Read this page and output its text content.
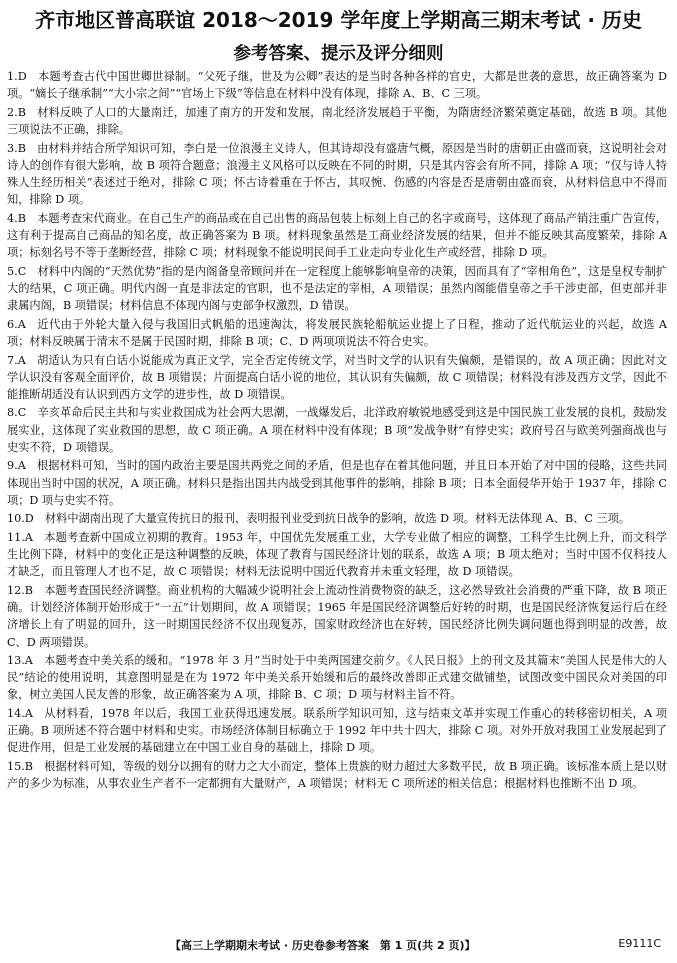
齐市地区普高联谊 2018～2019 学年度上学期高三期末考试 · 历史
参考答案、提示及评分细则
1.D  本题考查古代中国世卿世禄制。“父死子继，世及为公卿”表达的是当时各种各样的官史，大都是世袭的意思，故正确答案为 D 项。“嫡长子继承制”“大小宗之间”“官场上下级”等信息在材料中没有体现，排除 A、B、C 三项。
2.B  材料反映了人口的大量南迁，加速了南方的开发和发展，南北经济发展趋于平衡，为隋唐经济繁荣奠定基础，故选 B 项。其他三项说法不正确，排除。
3.B  由材料并结合所学知识可知，李白是一位浪漫主义诗人，但其诗却没有盛唐气概，原因是当时的唐朝正由盛而衰，这说明社会对诗人的创作有很大影响，故 B 项符合题意；浪漫主义风格可以反映在不同的时期，只是其内容会有所不同，排除 A 项；“仅与诗人特殊人生经历相关”表述过于绝对，排除 C 项；怀古诗着重在于怀古，其叹惋、伤感的内容是否是唐朝由盛而衰，从材料信息中不得而知，排除 D 项。
4.B  本题考查宋代商业。在自己生产的商品或在自己出售的商品包装上标刻上自己的名字或商号，这体现了商品产销注重广告宣传，这有利于提高自己商品的知名度，故正确答案为 B 项。材料现象虽然是工商业经济发展的结果，但并不能反映其高度繁荣，排除 A 项；标刻名号不等于垄断经营，排除 C 项；材料现象不能说明民间手工业走向专业化生产或经营，排除 D 项。
5.C  材料中内阁的“天然优势”指的是内阁备皇帝顾问并在一定程度上能够影响皇帝的决策，因而具有了“宰相角色”，这是皇权专制扩大的结果，C 项正确。明代内阁一直是非法定的官职，也不是法定的宰相，A 项错误；虽然内阁能借皇帝之手干涉吏部，但吏部并非隶属内阁，B 项错误；材料信息不体现内阁与吏部争权激烈，D 错误。
6.A  近代由于外轮大量入侵与我国旧式帆船的迅速淘汰，将发展民族轮船航运业提上了日程，推动了近代航运业的兴起，故选 A 项；材料反映属于清末不是属于民国时期，排除 B 项；C、D 两项项说法不符合史实。
7.A  胡适认为只有白话小说能成为真正文学，完全否定传统文学，对当时文学的认识有失偏颇，是错误的，故 A 项正确；因此对文学认识没有客观全面评价，故 B 项错误；片面提高白话小说的地位，其认识有失偏颇，故 C 项错误；材料没有涉及西方文学，因此不能推断胡适没有认识到西方文学的进步性，故 D 项错误。
8.C  辛亥革命后民主共和与实业救国成为社会两大思潮，一战爆发后，北洋政府敏锐地感受到这是中国民族工业发展的良机，鼓励发展实业，这体现了实业救国的思想，故 C 项正确。A 项在材料中没有体现；B 项“发战争财”有悖史实；政府号召与欧美列强商战也与史实不符，D 项错误。
9.A  根据材料可知，当时的国内政治主要是国共两党之间的矛盾，但是也存在着其他问题，并且日本开始了对中国的侵略，这些共同体现出当时中国的状况，A 项正确。材料只是指出国共内战受到其他事件的影响，排除 B 项；日本全面侵华开始于 1937 年，排除 C 项；D 项与史实不符。
10.D  材料中湖南出现了大量宣传抗日的报刊，表明报刊业受到抗日战争的影响，故选 D 项。材料无法体现 A、B、C 三项。
11.A  本题考查新中国成立初期的教育。1953 年，中国优先发展重工业，大学专业做了相应的调整，工科学生比例上升，而文科学生比例下降，材料中的变化正是这种调整的反映，体现了教育与国民经济计划的联系，故选 A 项；B 项太绝对；当时中国不仅科技人才缺乏，而且管理人才也不足，故 C 项错误；材料无法说明中国近代教育并未重文轻理，故 D 项错误。
12.B  本题考查国民经济调整。商业机构的大幅减少说明社会上流动性消费物资的缺乏，这必然导致社会消费的严重下降，故 B 项正确。计划经济体制开始形成于“一五”计划期间，故 A 项错误；1965 年是国民经济调整后好转的时期，也是国民经济恢复运行后在经济增长上有了明显的回升，这一时期国民经济不仅出现复苏，国家财政经济也在好转，国民经济比例失调问题也得到明显的改善，故 C、D 两项错误。
13.A  本题考查中美关系的缓和。“1978 年 3 月”当时处于中美两国建交前夕。《人民日报》上的刊文及其篇末“美国人民是伟大的人民”结论的使用说明，其意图明显是在为 1972 年中美关系开始缓和后的最终改善即正式建交做铺垫，试图改变中国民众对美国的印象，树立美国人民友善的形象，故正确答案为 A 项，排除 B、C 项；D 项与材料主旨不符。
14.A  从材料看，1978 年以后，我国工业获得迅速发展。联系所学知识可知，这与结束文革并实现工作重心的转移密切相关，A 项正确。B 项所述不符合题中材料和史实。市场经济体制目标确立于 1992 年中共十四大，排除 C 项。对外开放对我国工业发展起到了促进作用，但是工业发展的基础建立在中国工业自身的基础上，排除 D 项。
15.B  根据材料可知，等级的划分以拥有的财力之大小而定，整体上贵族的财力超过大多数平民，故 B 项正确。该标准本质上是以财产的多少为标准，从事农业生产者不一定都拥有大量财产，A 项错误；材料无 C 项所述的相关信息；根据材料也推断不出 D 项。
【高三上学期期末考试 · 历史卷参考答案　第 1 页(共 2 页)】	E9111C
